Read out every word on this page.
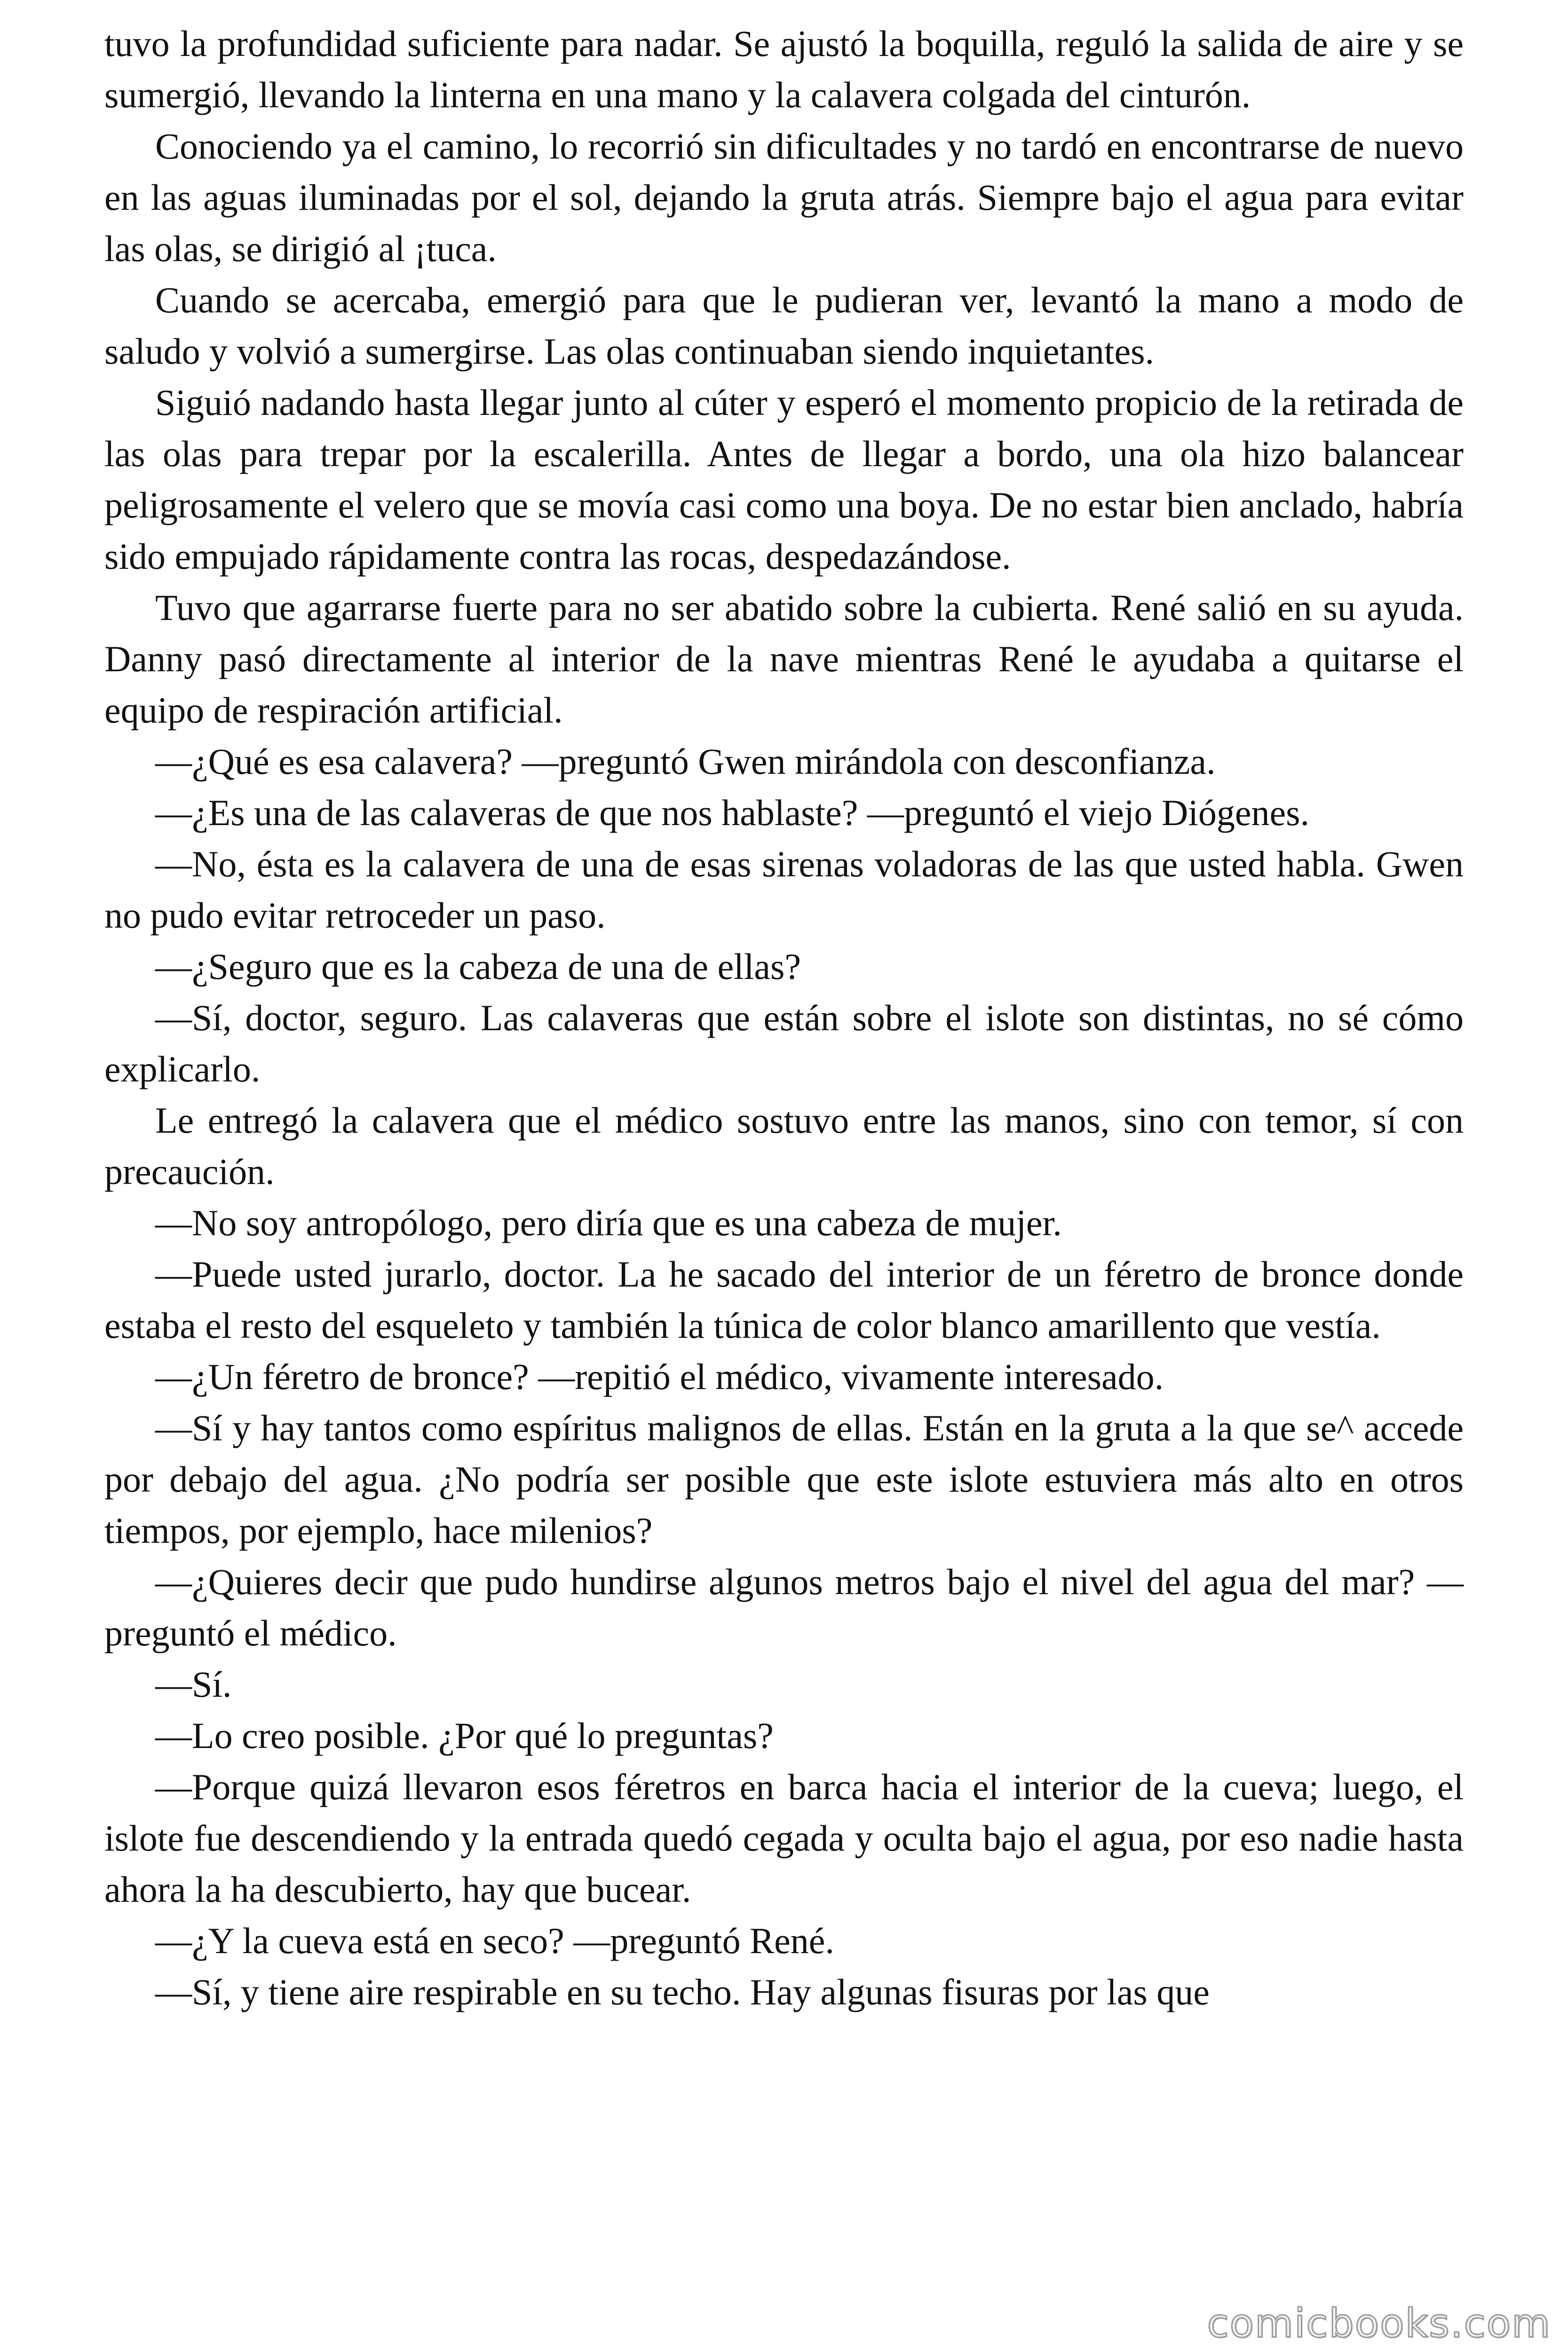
tuvo la profundidad suficiente para nadar. Se ajustó la boquilla, reguló la salida de aire y se sumergió, llevando la linterna en una mano y la calavera colgada del cinturón.

Conociendo ya el camino, lo recorrió sin dificultades y no tardó en encontrarse de nuevo en las aguas iluminadas por el sol, dejando la gruta atrás. Siempre bajo el agua para evitar las olas, se dirigió al ¡tuca.

Cuando se acercaba, emergió para que le pudieran ver, levantó la mano a modo de saludo y volvió a sumergirse. Las olas continuaban siendo inquietantes.

Siguió nadando hasta llegar junto al cúter y esperó el momento propicio de la retirada de las olas para trepar por la escalerilla. Antes de llegar a bordo, una ola hizo balancear peligrosamente el velero que se movía casi como una boya. De no estar bien anclado, habría sido empujado rápidamente contra las rocas, despedazándose.

Tuvo que agarrarse fuerte para no ser abatido sobre la cubierta. René salió en su ayuda. Danny pasó directamente al interior de la nave mientras René le ayudaba a quitarse el equipo de respiración artificial.

—¿Qué es esa calavera? —preguntó Gwen mirándola con desconfianza.

—¿Es una de las calaveras de que nos hablaste? —preguntó el viejo Diógenes.

—No, ésta es la calavera de una de esas sirenas voladoras de las que usted habla. Gwen no pudo evitar retroceder un paso.

—¿Seguro que es la cabeza de una de ellas?

—Sí, doctor, seguro. Las calaveras que están sobre el islote son distintas, no sé cómo explicarlo.

Le entregó la calavera que el médico sostuvo entre las manos, sino con temor, sí con precaución.

—No soy antropólogo, pero diría que es una cabeza de mujer.

—Puede usted jurarlo, doctor. La he sacado del interior de un féretro de bronce donde estaba el resto del esqueleto y también la túnica de color blanco amarillento que vestía.

—¿Un féretro de bronce? —repitió el médico, vivamente interesado.

—Sí y hay tantos como espíritus malignos de ellas. Están en la gruta a la que se^ accede por debajo del agua. ¿No podría ser posible que este islote estuviera más alto en otros tiempos, por ejemplo, hace milenios?

—¿Quieres decir que pudo hundirse algunos metros bajo el nivel del agua del mar? — preguntó el médico.

—Sí.

—Lo creo posible. ¿Por qué lo preguntas?

—Porque quizá llevaron esos féretros en barca hacia el interior de la cueva; luego, el islote fue descendiendo y la entrada quedó cegada y oculta bajo el agua, por eso nadie hasta ahora la ha descubierto, hay que bucear.

—¿Y la cueva está en seco? —preguntó René.

—Sí, y tiene aire respirable en su techo. Hay algunas fisuras por las que

comicbooks.com
